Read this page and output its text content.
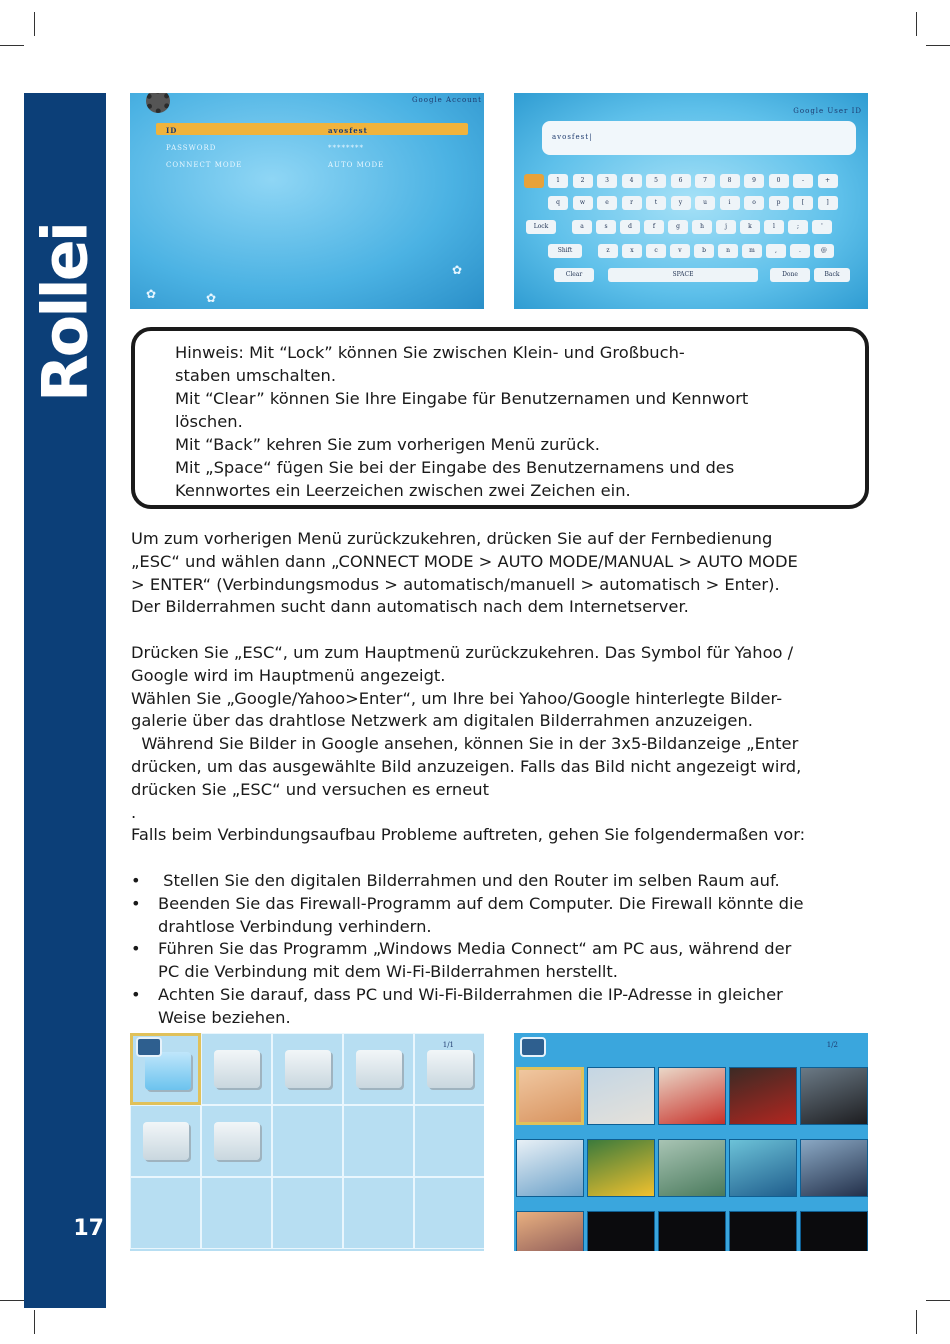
Rollei
17
Google Account
ID	avosfest
PASSWORD	********
CONNECT MODE	AUTO MODE
✿	✿
✿
Google User ID
avosfest|
1	2	3	4	5	6	7	8	9	0	-	+
q	w	e	r	t	y	u	i	o	p	[	]
Lock	a	s	d	f	g	h	j	k	l	;	'
Shift	z	x	c	v	b	n	m	,	.	@
Clear	SPACE	Done	Back

Hinweis: Mit “Lock” können Sie zwischen Klein- und Großbuch-

staben umschalten.

Mit “Clear” können Sie Ihre Eingabe für Benutzernamen und Kennwort

löschen.

Mit “Back” kehren Sie zum vorherigen Menü zurück.

Mit „Space“ fügen Sie bei der Eingabe des Benutzernamens und des

Kennwortes ein Leerzeichen zwischen zwei Zeichen ein.

Um zum vorherigen Menü zurückzukehren, drücken Sie auf der Fernbedienung

„ESC“ und wählen dann „CONNECT MODE > AUTO MODE/MANUAL > AUTO MODE

> ENTER“ (Verbindungsmodus > automatisch/manuell > automatisch > Enter).

Der Bilderrahmen sucht dann automatisch nach dem Internetserver.

Drücken Sie „ESC“, um zum Hauptmenü zurückzukehren. Das Symbol für Yahoo /

Google wird im Hauptmenü angezeigt.

Wählen Sie „Google/Yahoo>Enter“, um Ihre bei Yahoo/Google hinterlegte Bilder-

galerie über das drahtlose Netzwerk am digitalen Bilderrahmen anzuzeigen.

Während Sie Bilder in Google ansehen, können Sie in der 3x5-Bildanzeige „Enter

drücken, um das ausgewählte Bild anzuzeigen. Falls das Bild nicht angezeigt wird,

drücken Sie „ESC“ und versuchen es erneut

.

Falls beim Verbindungsaufbau Probleme auftreten, gehen Sie folgendermaßen vor:

• Stellen Sie den digitalen Bilderrahmen und den Router im selben Raum auf.

• Beenden Sie das Firewall-Programm auf dem Computer. Die Firewall könnte die

drahtlose Verbindung verhindern.

• Führen Sie das Programm „Windows Media Connect“ am PC aus, während der

PC die Verbindung mit dem Wi-Fi-Bilderrahmen herstellt.

• Achten Sie darauf, dass PC und Wi-Fi-Bilderrahmen die IP-Adresse in gleicher

Weise beziehen.

1/1	1/2
